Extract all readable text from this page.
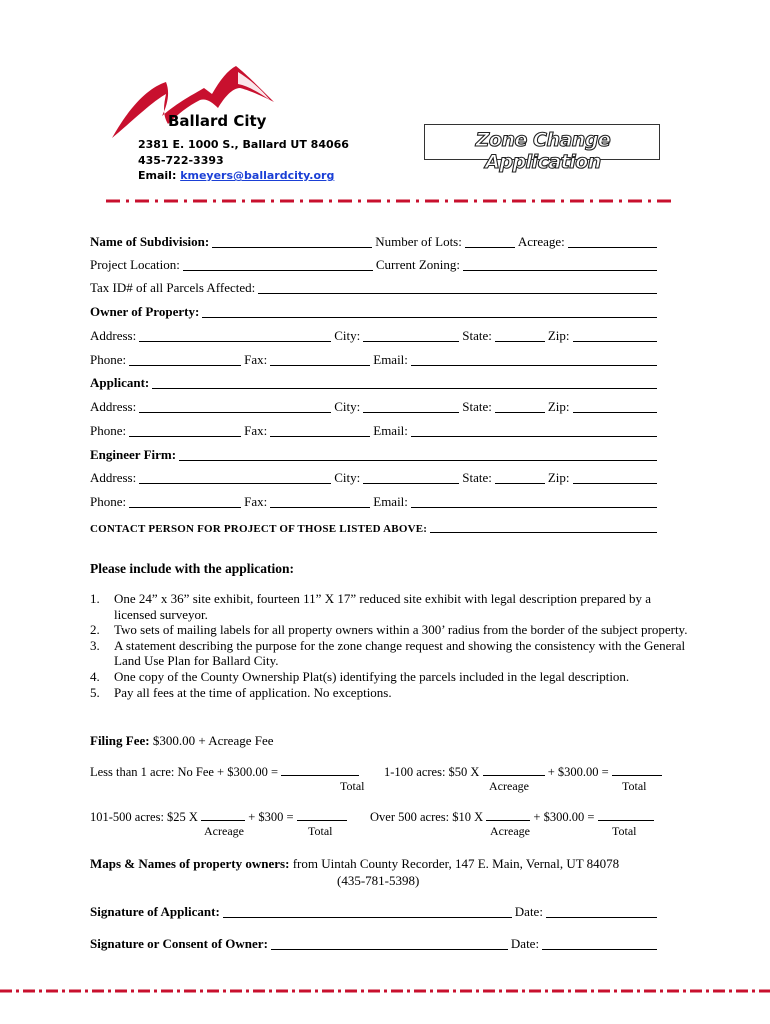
Ballard City
2381 E. 1000 S., Ballard UT 84066
435-722-3393
Email: kmeyers@ballardcity.org
Zone Change Application
Name of Subdivision:	Number of Lots:	Acreage:
Project Location:	Current Zoning:
Tax ID# of all Parcels Affected:
Owner of Property:
Address:	City:	State:	Zip:
Phone:	Fax:	Email:
Applicant:
Address:	City:	State:	Zip:
Phone:	Fax:	Email:
Engineer Firm:
Address:	City:	State:	Zip:
Phone:	Fax:	Email:
CONTACT PERSON FOR PROJECT OF THOSE LISTED ABOVE:
Please include with the application:
1.	One 24” x 36” site exhibit, fourteen 11” X 17” reduced site exhibit with legal description prepared by a licensed surveyor.
2.	Two sets of mailing labels for all property owners within a 300’ radius from the border of the subject property.
3.	A statement describing the purpose for the zone change request and showing the consistency with the General Land Use Plan for Ballard City.
4.	One copy of the County Ownership Plat(s) identifying the parcels included in the legal description.
5.	Pay all fees at the time of application. No exceptions.
Filing Fee: $300.00 + Acreage Fee
Less than 1 acre: No Fee + $300.00 =
Total
1-100 acres: $50 X	+ $300.00 =
Acreage	Total
101-500 acres: $25 X	+ $300 =
Acreage	Total
Over 500 acres: $10 X	+ $300.00 =
Acreage	Total
Maps & Names of property owners: from Uintah County Recorder, 147 E. Main, Vernal, UT 84078
(435-781-5398)
Signature of Applicant:	Date:
Signature or Consent of Owner:	Date:
